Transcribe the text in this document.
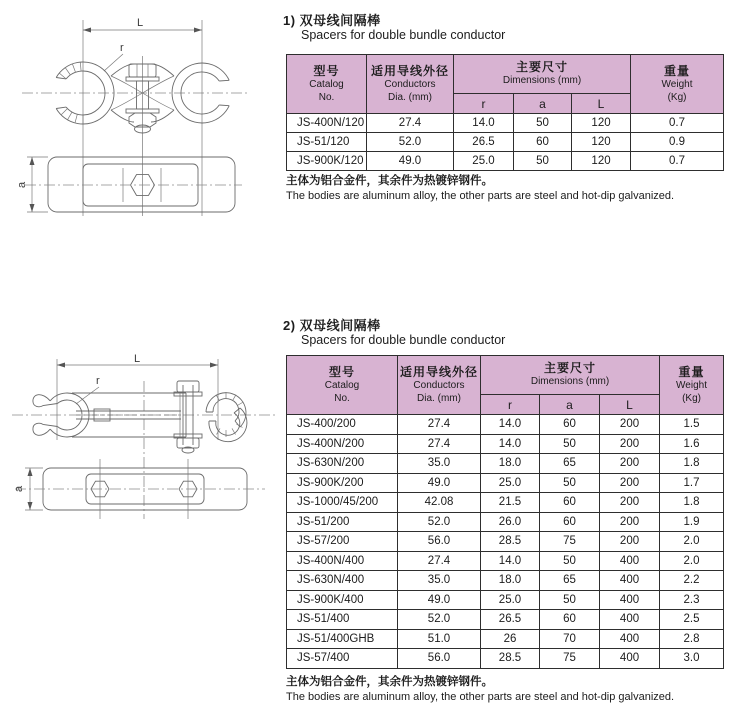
L
r
a
1) 双母线间隔棒
Spacers for double bundle conductor
型号
Catalog
No.	适用导线外径
Conductors
Dia. (mm)	主要尺寸
Dimensions (mm)			重量
Weight
(Kg)

		r	a	L	
JS-400N/120	27.4	14.0	50	120	0.7
JS-51/120	52.0	26.5	60	120	0.9
JS-900K/120	49.0	25.0	50	120	0.7
主体为铝合金件，其余件为热镀锌钢件。
The bodies are aluminum alloy, the other parts are steel and hot-dip galvanized.
L
r
a
2) 双母线间隔棒
Spacers for double bundle conductor
型号
Catalog
No.	适用导线外径
Conductors
Dia. (mm)	主要尺寸
Dimensions (mm)			重量
Weight
(Kg)

		r	a	L	
JS-400/200	27.4	14.0	60	200	1.5
JS-400N/200	27.4	14.0	50	200	1.6
JS-630N/200	35.0	18.0	65	200	1.8
JS-900K/200	49.0	25.0	50	200	1.7
JS-1000/45/200	42.08	21.5	60	200	1.8
JS-51/200	52.0	26.0	60	200	1.9
JS-57/200	56.0	28.5	75	200	2.0
JS-400N/400	27.4	14.0	50	400	2.0
JS-630N/400	35.0	18.0	65	400	2.2
JS-900K/400	49.0	25.0	50	400	2.3
JS-51/400	52.0	26.5	60	400	2.5
JS-51/400GHB	51.0	26	70	400	2.8
JS-57/400	56.0	28.5	75	400	3.0
主体为铝合金件，其余件为热镀锌钢件。
The bodies are aluminum alloy, the other parts are steel and hot-dip galvanized.
